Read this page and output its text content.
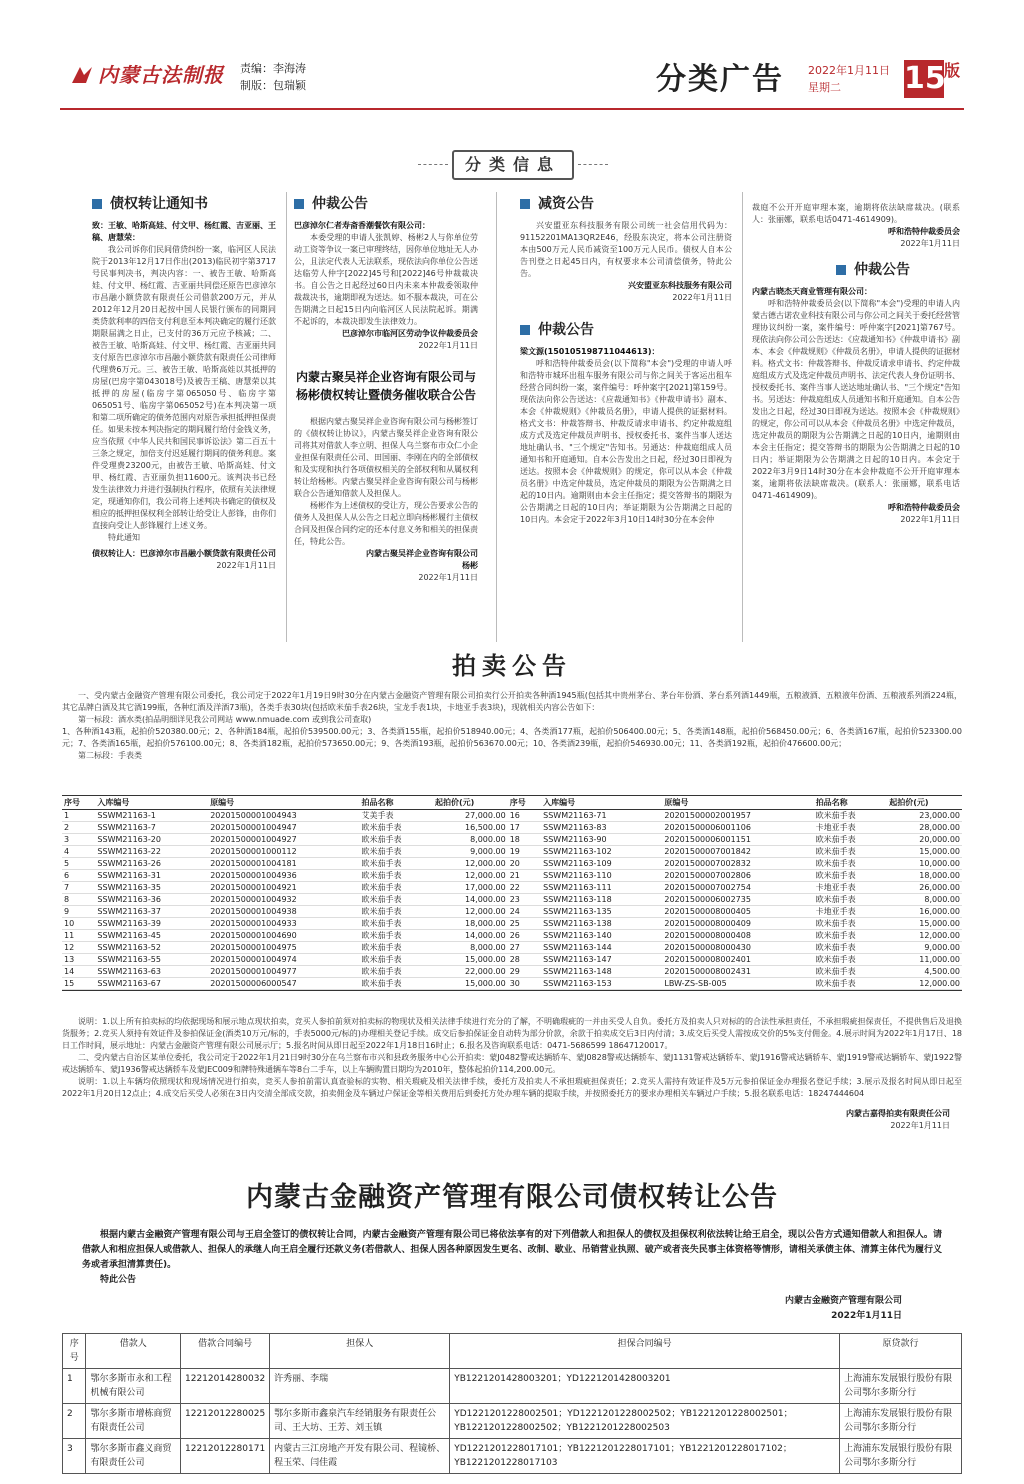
内蒙古法制报 责编：李海涛
制版：包瑞颖	分类广告 2022年1月11日
星期二	15
版
分类信息
债权转让通知书
致：王敏、哈斯高娃、付文甲、杨红霞、吉亚丽、王稿、唐慧荣：
我公司诉你们民间借贷纠纷一案，临河区人民法院于2013年12月17日作出(2013)临民初字第3717号民事判决书，判决内容：一、被告王敏、哈斯高娃、付文甲、杨红霞、吉亚丽共同偿还原告巴彦淖尔市昌融小额贷款有限责任公司借款200万元，并从2012年12月20日起按中国人民银行颁布的同期同类贷款利率的四倍支付利息至本判决确定的履行还款期限届满之日止，已支付的36万元应予核减；二、被告王敏、哈斯高娃、付文甲、杨红霞、吉亚丽共同支付原告巴彦淖尔市昌融小额贷款有限责任公司律师代理费6万元。三、被告王敏、哈斯高娃以其抵押的房屋(巴房字第043018号)及被告王稿、唐慧荣以其抵押的房屋(临房字第065050号、临房字第065051号、临房字第065052号)在本判决第一项和第二项所确定的债务范围内对原告承担抵押担保责任。如果未按本判决指定的期间履行给付金钱义务，应当依照《中华人民共和国民事诉讼法》第二百五十三条之规定，加倍支付迟延履行期间的债务利息。案件受理费23200元，由被告王敏、哈斯高娃、付文甲、杨红霞、吉亚丽负担11600元。该判决书已经发生法律效力并进行强制执行程序，依照有关法律规定，现通知你们，我公司将上述判决书确定的债权及相应的抵押担保权利全部转让给受让人彭锋，由你们直接向受让人彭锋履行上述义务。
特此通知
债权转让人：巴彦淖尔市昌融小额贷款有限责任公司
2022年1月11日
仲裁公告
巴彦淖尔仁者寿斋香潮餐饮有限公司：
本委受理的申请人张凯婷、杨彬2人与你单位劳动工资等争议一案已审理终结，因你单位地址无人办公，且法定代表人无法联系，现依法向你单位公告送达临劳人仲字[2022]45号和[2022]46号仲裁裁决书。自公告之日起经过60日内未来本仲裁委领取仲裁裁决书，逾期即视为送达。如不服本裁决，可在公告期满之日起15日内向临河区人民法院起诉。期满不起诉的，本裁决即发生法律效力。
巴彦淖尔市临河区劳动争议仲裁委员会
2022年1月11日
内蒙古聚吴祥企业咨询有限公司与杨彬债权转让暨债务催收联合公告
根据内蒙古聚吴祥企业咨询有限公司与杨彬签订的《债权转让协议》，内蒙古聚吴祥企业咨询有限公司将其对借款人李立明、担保人乌兰察布市众仁小企业担保有限责任公司、田国丽、李刚在内的全部债权和及实现和执行各项债权相关的全部权利和从属权利转让给杨彬。内蒙古聚吴祥企业咨询有限公司与杨彬联合公告通知借款人及担保人。
杨彬作为上述债权的受让方，现公告要求公告的债务人及担保人从公告之日起立即向杨彬履行主债权合同及担保合同约定的还本付息义务和相关的担保责任，特此公告。
内蒙古聚吴祥企业咨询有限公司
杨彬
2022年1月11日
减资公告
兴安盟亚东科技服务有限公司统一社会信用代码为：91152201MA13QR2E46，经股东决定，将本公司注册资本由500万元人民币减资至100万元人民币。债权人自本公告刊登之日起45日内，有权要求本公司清偿债务，特此公告。
兴安盟亚东科技服务有限公司
2022年1月11日
仲裁公告
梁文源(150105198711044613)：
呼和浩特仲裁委员会(以下简称"本会")受理的申请人呼和浩特市城环出租车服务有限公司与你之间关于客运出租车经营合同纠纷一案，案件编号：呼仲案字[2021]第159号。现依法向你公告送达：《应裁通知书》《仲裁申请书》副本、本会《仲裁规则》《仲裁员名册》，申请人提供的证据材料。格式文书：仲裁答辩书、仲裁反请求申请书、约定仲裁庭组成方式及选定仲裁员声明书、授权委托书、案件当事人送达地址确认书、"三个规定"告知书。另通达：仲裁庭组成人员通知书和开庭通知。自本公告发出之日起，经过30日即视为送达。按照本会《仲裁规则》的规定，你可以从本会《仲裁员名册》中选定仲裁员，选定仲裁员的期限为公告期满之日起的10日内。逾期则由本会主任指定；提交答辩书的期限为公告期满之日起的10日内；举证期限为公告期满之日起的10日内。本会定于2022年3月10日14时30分在本会仲
裁庭不公开开庭审理本案，逾期将依法缺席裁决。(联系人：张丽娜，联系电话0471-4614909)。
呼和浩特仲裁委员会
2022年1月11日
仲裁公告
内蒙古晓杰天商业管理有限公司：
呼和浩特仲裁委员会(以下简称"本会")受理的申请人内蒙古德古诺农业科技有限公司与你公司之间关于委托经营管理协议纠纷一案，案件编号：呼仲案字[2021]第767号。现依法向你公司公告送达：《应裁通知书》《仲裁申请书》副本、本会《仲裁规则》《仲裁员名册》，申请人提供的证据材料。格式文书：仲裁答辩书、仲裁反请求申请书、约定仲裁庭组成方式及选定仲裁员声明书、法定代表人身份证明书、授权委托书、案件当事人送达地址确认书、"三个规定"告知书。另送达：仲裁庭组成人员通知书和开庭通知。自本公告发出之日起，经过30日即视为送达。按照本会《仲裁规则》的规定，你公司可以从本会《仲裁员名册》中选定仲裁员，选定仲裁员的期限为公告期满之日起的10日内，逾期则由本会主任指定；提交答辩书的期限为公告期满之日起的10日内；举证期限为公告期满之日起的10日内。本会定于2022年3月9日14时30分在本会仲裁庭不公开开庭审理本案，逾期将依法缺席裁决。(联系人：张丽娜，联系电话0471-4614909)。
呼和浩特仲裁委员会
2022年1月11日
拍卖公告
一、受内蒙古金融资产管理有限公司委托，我公司定于2022年1月19日9时30分在内蒙古金融资产管理有限公司拍卖行公开拍卖各种酒1945瓶(包括其中贵州茅台、茅台年份酒、茅台系列酒1449瓶，五粮液酒、五粮液年份酒、五粮液系列酒224瓶，其它品牌白酒及其它酒199瓶，各种红酒及洋酒73瓶)，各类手表30块(包括欧米茄手表26块，宝龙手表1块，卡地亚手表3块)，现就相关内容公告如下：
第一标段：酒水类(拍品明细详见我公司网站 www.nmuade.com 或到我公司查取)
1、各种酒143瓶，起拍价520380.00元；2、各种酒184瓶，起拍价539500.00元；3、各类酒155瓶，起拍价518940.00元；4、各类酒177瓶，起拍价506400.00元；5、各类酒148瓶，起拍价568450.00元；6、各类酒167瓶，起拍价523300.00元；7、各类酒165瓶，起拍价576100.00元；8、各类酒182瓶，起拍价573650.00元；9、各类酒193瓶，起拍价563670.00元；10、各类酒239瓶，起拍价546930.00元；11、各类酒192瓶，起拍价476600.00元；
第二标段：手表类
序号	入库编号	原编号	拍品名称	起拍价(元)	序号	入库编号	原编号	拍品名称	起拍价(元)
1	SSWM21163-1	20201500001004943	艾美手表	27,000.00	16	SSWM21163-71	20201500002001957	欧米茄手表	23,000.00
2	SSWM21163-7	20201500001004947	欧米茄手表	16,500.00	17	SSWM21163-83	20201500006001106	卡地亚手表	28,000.00
3	SSWM21163-20	20201500001004927	欧米茄手表	8,000.00	18	SSWM21163-90	20201500006001151	欧米茄手表	20,000.00
4	SSWM21163-22	20201500001000112	欧米茄手表	9,000.00	19	SSWM21163-102	20201500007001842	欧米茄手表	15,000.00
5	SSWM21163-26	20201500001004181	欧米茄手表	12,000.00	20	SSWM21163-109	20201500007002832	欧米茄手表	10,000.00
6	SSWM21163-31	20201500001004936	欧米茄手表	12,000.00	21	SSWM21163-110	20201500007002806	欧米茄手表	18,000.00
7	SSWM21163-35	20201500001004921	欧米茄手表	17,000.00	22	SSWM21163-111	20201500007002754	卡地亚手表	26,000.00
8	SSWM21163-36	20201500001004932	欧米茄手表	14,000.00	23	SSWM21163-118	20201500006002735	欧米茄手表	8,000.00
9	SSWM21163-37	20201500001004938	欧米茄手表	12,000.00	24	SSWM21163-135	20201500008000405	卡地亚手表	16,000.00
10	SSWM21163-39	20201500001004933	欧米茄手表	18,000.00	25	SSWM21163-138	20201500008000409	欧米茄手表	15,000.00
11	SSWM21163-45	20201500001004690	欧米茄手表	14,000.00	26	SSWM21163-140	20201500008000408	欧米茄手表	12,000.00
12	SSWM21163-52	20201500001004975	欧米茄手表	8,000.00	27	SSWM21163-144	20201500008000430	欧米茄手表	9,000.00
13	SSWM21163-55	20201500001004974	欧米茄手表	15,000.00	28	SSWM21163-147	20201500008002401	欧米茄手表	11,000.00
14	SSWM21163-63	20201500001004977	欧米茄手表	22,000.00	29	SSWM21163-148	20201500008002431	欧米茄手表	4,500.00
15	SSWM21163-67	20201500006000547	欧米茄手表	15,000.00	30	SSWM21163-153	LBW-ZS-SB-005	欧米茄手表	12,000.00
说明：1.以上所有拍卖标的均依据现场和展示地点现状拍卖，竞买人参拍前须对拍卖标的物现状及相关法律手续进行充分的了解，不明确瑕疵的一并由买受人自负。委托方及拍卖人只对标的的合法性承担责任，不承担瑕疵担保责任，不提供售后及退换货服务；2.竞买人须持有效证件及参拍保证金(酒类10万元/标的，手表5000元/标的)办理相关登记手续。成交后参拍保证金自动转为部分价款，余款于拍卖成交后3日内付清；3.成交后买受人需按成交价的5%支付佣金。4.展示时间为2022年1月17日、18日工作时间，展示地址：内蒙古金融资产管理有限公司展示厅；5.报名时间从即日起至2022年1月18日16时止；6.报名及咨询联系电话：0471-5686599 18647120017。
二、受内蒙古自治区某单位委托，我公司定于2022年1月21日9时30分在乌兰察布市兴和县政务服务中心公开拍卖：蒙J0482警戒达辆轿车、蒙J0828警戒达辆轿车、蒙J1131警戒达辆轿车、蒙J1916警戒达辆轿车、蒙J1919警戒达辆轿车、蒙J1922警戒达辆轿车、蒙J1936警戒达辆轿车及蒙JEC009和牌特殊通辆车等8台二手车，以上车辆购置日期均为2010年，整体起拍价114,200.00元。
说明：1.以上车辆均依照现状和现场情况进行拍卖，竞买人参拍前需认真查验标的实物、相关瑕疵及相关法律手续，委托方及拍卖人不承担瑕疵担保责任；2.竞买人需持有效证件及5万元参拍保证金办理报名登记手续；3.展示及报名时间从即日起至2022年1月20日12点止；4.成交后买受人必须在3日内交清全部成交款，拍卖佣金及车辆过户保证金等相关费用后到委托方处办理车辆的提取手续，并按照委托方的要求办理相关车辆过户手续；5.报名联系电话：18247444604
内蒙古嘉得拍卖有限责任公司
2022年1月11日
内蒙古金融资产管理有限公司债权转让公告
根据内蒙古金融资产管理有限公司与王启全签订的债权转让合同，内蒙古金融资产管理有限公司已将依法享有的对下列借款人和担保人的债权及担保权利依法转让给王启全，现以公告方式通知借款人和担保人。请借款人和相应担保人或借款人、担保人的承继人向王启全履行还款义务(若借款人、担保人因各种原因发生更名、改制、歇业、吊销营业执照、破产或者丧失民事主体资格等情形，请相关承债主体、清算主体代为履行义务或者承担清算责任)。
特此公告
内蒙古金融资产管理有限公司
2022年1月11日
序号	借款人	借款合同编号	担保人	担保合同编号	原贷款行
1	鄂尔多斯市永和工程机械有限公司	12212014280032	许秀丽、李瑞	YB1221201428003201；YD1221201428003201	上海浦东发展银行股份有限公司鄂尔多斯分行
2	鄂尔多斯市增栋商贸有限责任公司	12212012280025	鄂尔多斯市鑫泉汽车经销服务有限责任公司、王大坊、王芳、刘玉镇	YD1221201228002501；YD1221201228002502；YB1221201228002501；YB1221201228002502；YB1221201228002503	上海浦东发展银行股份有限公司鄂尔多斯分行
3	鄂尔多斯市鑫义商贸有限责任公司	12212012280171	内蒙古三江房地产开发有限公司、程镜桥、程玉荣、闫佳霞	YD1221201228017101；YB1221201228017101；YB1221201228017102；YB1221201228017103	上海浦东发展银行股份有限公司鄂尔多斯分行
